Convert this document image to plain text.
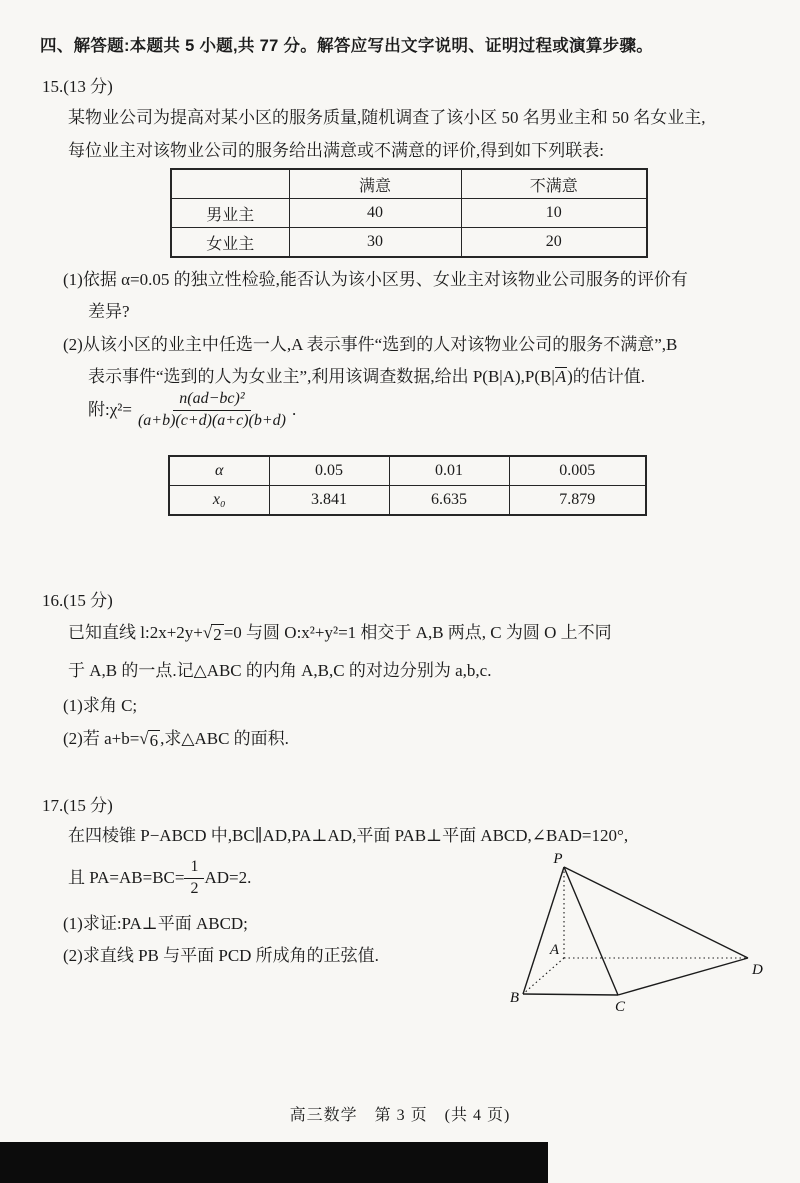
四、解答题:本题共 5 小题,共 77 分。解答应写出文字说明、证明过程或演算步骤。
15.(13 分)
某物业公司为提高对某小区的服务质量,随机调查了该小区 50 名男业主和 50 名女业主,
每位业主对该物业公司的服务给出满意或不满意的评价,得到如下列联表:
	满意	不满意
男业主	40	10
女业主	30	20
(1)依据 α=0.05 的独立性检验,能否认为该小区男、女业主对该物业公司服务的评价有
差异?
(2)从该小区的业主中任选一人,A 表示事件“选到的人对该物业公司的服务不满意”,B
表示事件“选到的人为女业主”,利用该调查数据,给出 P(B|A),P(B|A)的估计值.
附:χ²= $\frac{\text{n(ad−bc)²}}{(a+b)(c+d)(a+c)(b+d)}$ .
α	0.05	0.01	0.005
x₀	3.841	6.635	7.879
16.(15 分)
已知直线 l:2x+2y+ √ 2 =0 与圆 O:x²+y²=1 相交于 A,B 两点, C 为圆 O 上不同
于 A,B 的一点.记△ABC 的内角 A,B,C 的对边分别为 a,b,c.
(1)求角 C;
(2)若 a+b= √ 6 ,求△ABC 的面积.
17.(15 分)
在四棱锥 P−ABCD 中,BC∥AD,PA⊥AD,平面 PAB⊥平面 ABCD,∠BAD=120°,
且 $PA=AB=BC= \frac{1}{2} AD=2$.
(1)求证:PA⊥平面 ABCD;
(2)求直线 PB 与平面 PCD 所成角的正弦值.
P
A
B
C
D
高三数学　第 3 页　(共 4 页)
